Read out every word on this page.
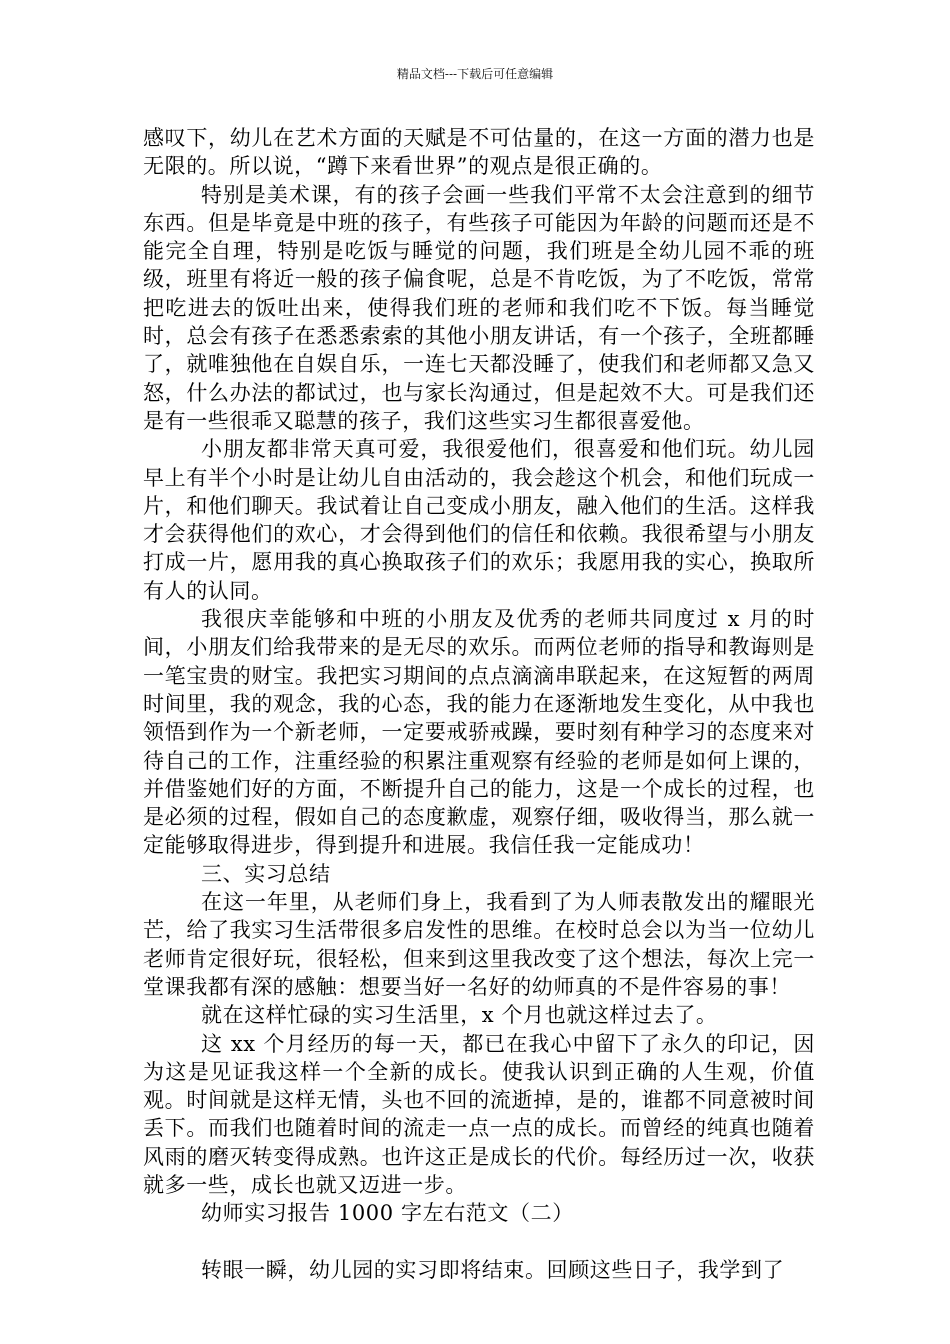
精品文档---下载后可任意编辑

感叹下，幼儿在艺术方面的天赋是不可估量的，在这一方面的潜力也是无限的。所以说，“蹲下来看世界”的观点是很正确的。

特别是美术课，有的孩子会画一些我们平常不太会注意到的细节东西。但是毕竟是中班的孩子，有些孩子可能因为年龄的问题而还是不能完全自理，特别是吃饭与睡觉的问题，我们班是全幼儿园不乖的班级，班里有将近一般的孩子偏食呢，总是不肯吃饭，为了不吃饭，常常把吃进去的饭吐出来，使得我们班的老师和我们吃不下饭。每当睡觉时，总会有孩子在悉悉索索的其他小朋友讲话，有一个孩子，全班都睡了，就唯独他在自娱自乐，一连七天都没睡了，使我们和老师都又急又怒，什么办法的都试过，也与家长沟通过，但是起效不大。可是我们还是有一些很乖又聪慧的孩子，我们这些实习生都很喜爱他。

小朋友都非常天真可爱，我很爱他们，很喜爱和他们玩。幼儿园早上有半个小时是让幼儿自由活动的，我会趁这个机会，和他们玩成一片，和他们聊天。我试着让自己变成小朋友，融入他们的生活。这样我才会获得他们的欢心，才会得到他们的信任和依赖。我很希望与小朋友打成一片，愿用我的真心换取孩子们的欢乐；我愿用我的实心，换取所有人的认同。

我很庆幸能够和中班的小朋友及优秀的老师共同度过 x 月的时间，小朋友们给我带来的是无尽的欢乐。而两位老师的指导和教诲则是一笔宝贵的财宝。我把实习期间的点点滴滴串联起来，在这短暂的两周时间里，我的观念，我的心态，我的能力在逐渐地发生变化，从中我也领悟到作为一个新老师，一定要戒骄戒躁，要时刻有种学习的态度来对待自己的工作，注重经验的积累注重观察有经验的老师是如何上课的，并借鉴她们好的方面，不断提升自己的能力，这是一个成长的过程，也是必须的过程，假如自己的态度歉虚，观察仔细，吸收得当，那么就一定能够取得进步，得到提升和进展。我信任我一定能成功！

三、实习总结

在这一年里，从老师们身上，我看到了为人师表散发出的耀眼光芒，给了我实习生活带很多启发性的思维。在校时总会以为当一位幼儿老师肯定很好玩，很轻松，但来到这里我改变了这个想法，每次上完一堂课我都有深的感触：想要当好一名好的幼师真的不是件容易的事！

就在这样忙碌的实习生活里，x 个月也就这样过去了。

这 xx 个月经历的每一天，都已在我心中留下了永久的印记，因为这是见证我这样一个全新的成长。使我认识到正确的人生观，价值观。时间就是这样无情，头也不回的流逝掉，是的，谁都不同意被时间丢下。而我们也随着时间的流走一点一点的成长。而曾经的纯真也随着风雨的磨灭转变得成熟。也许这正是成长的代价。每经历过一次，收获就多一些，成长也就又迈进一步。

幼师实习报告 1000 字左右范文（二）

转眼一瞬，幼儿园的实习即将结束。回顾这些日子，我学到了
